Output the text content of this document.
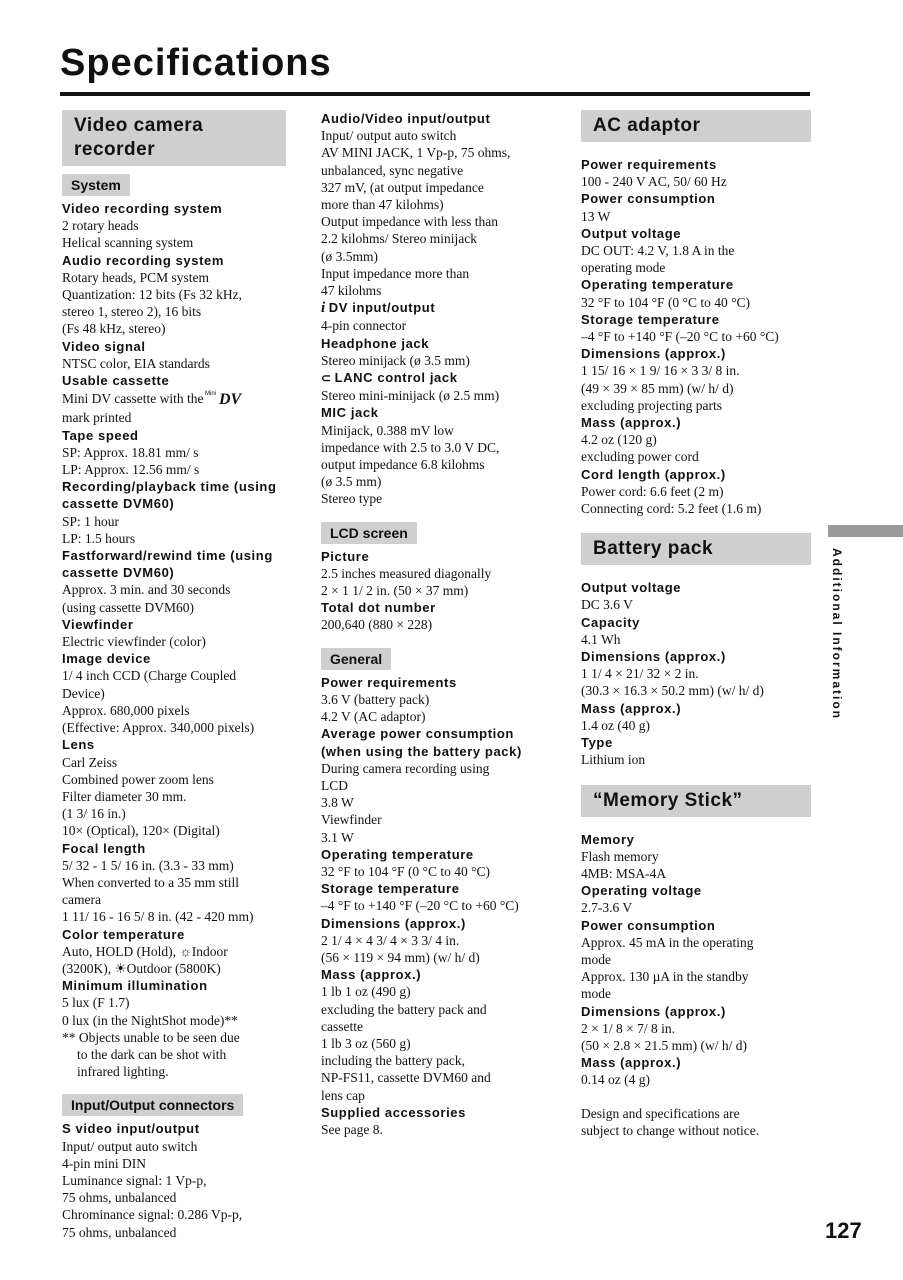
Specifications
Video camera recorder
System
Video recording system
2 rotary heads
Helical scanning system
Audio recording system
Rotary heads, PCM system
Quantization: 12 bits (Fs 32 kHz,
stereo 1, stereo 2), 16 bits
(Fs 48 kHz, stereo)
Video signal
NTSC color, EIA standards
Usable cassette
Mini DV cassette with the Mini DV
mark printed
Tape speed
SP: Approx. 18.81 mm/ s
LP: Approx. 12.56 mm/ s
Recording/playback time (using cassette DVM60)
SP: 1 hour
LP: 1.5 hours
Fastforward/rewind time (using cassette DVM60)
Approx. 3 min. and 30 seconds
(using cassette DVM60)
Viewfinder
Electric viewfinder (color)
Image device
1/ 4 inch CCD (Charge Coupled
Device)
Approx. 680,000 pixels
(Effective: Approx. 340,000 pixels)
Lens
Carl Zeiss
Combined power zoom lens
Filter diameter 30 mm.
(1 3/ 16 in.)
10× (Optical), 120× (Digital)
Focal length
5/ 32 - 1 5/ 16 in. (3.3 - 33 mm)
When converted to a 35 mm still
camera
1 11/ 16 - 16 5/ 8 in. (42 - 420 mm)
Color temperature
Auto, HOLD (Hold), ☼Indoor
(3200K), ☀Outdoor (5800K)
Minimum illumination
5 lux (F 1.7)
0 lux (in the NightShot mode)**
** Objects unable to be seen due
to the dark can be shot with
infrared lighting.
Input/Output connectors
S video input/output
Input/ output auto switch
4-pin mini DIN
Luminance signal: 1 Vp-p,
75 ohms, unbalanced
Chrominance signal: 0.286 Vp-p,
75 ohms, unbalanced
Audio/Video input/output
Input/ output auto switch
AV MINI JACK, 1 Vp-p, 75 ohms,
unbalanced, sync negative
327 mV, (at output impedance
more than 47 kilohms)
Output impedance with less than
2.2 kilohms/ Stereo minijack
(ø 3.5mm)
Input impedance more than
47 kilohms
i DV input/output
4-pin connector
Headphone jack
Stereo minijack (ø 3.5 mm)
⊂ LANC control jack
Stereo mini-minijack (ø 2.5 mm)
MIC jack
Minijack, 0.388 mV low
impedance with 2.5 to 3.0 V DC,
output impedance 6.8 kilohms
(ø 3.5 mm)
Stereo type
LCD screen
Picture
2.5 inches measured diagonally
2 × 1 1/ 2 in. (50 × 37 mm)
Total dot number
200,640 (880 × 228)
General
Power requirements
3.6 V (battery pack)
4.2 V (AC adaptor)
Average power consumption (when using the battery pack)
During camera recording using
LCD
3.8 W
Viewfinder
3.1 W
Operating temperature
32 °F to 104 °F (0 °C to 40 °C)
Storage temperature
–4 °F to +140 °F (–20 °C to +60 °C)
Dimensions (approx.)
2 1/ 4 × 4 3/ 4 × 3 3/ 4 in.
(56 × 119 × 94 mm) (w/ h/ d)
Mass (approx.)
1 lb 1 oz (490 g)
excluding the battery pack and
cassette
1 lb 3 oz (560 g)
including the battery pack,
NP-FS11, cassette DVM60 and
lens cap
Supplied accessories
See page 8.
AC adaptor
Power requirements
100 - 240 V AC, 50/ 60 Hz
Power consumption
13 W
Output voltage
DC OUT: 4.2 V, 1.8 A in the
operating mode
Operating temperature
32 °F to 104 °F (0 °C to 40 °C)
Storage temperature
–4 °F to +140 °F (–20 °C to +60 °C)
Dimensions (approx.)
1 15/ 16 × 1 9/ 16 × 3 3/ 8 in.
(49 × 39 × 85 mm) (w/ h/ d)
excluding projecting parts
Mass (approx.)
4.2 oz (120 g)
excluding power cord
Cord length (approx.)
Power cord: 6.6 feet (2 m)
Connecting cord: 5.2 feet (1.6 m)
Battery pack
Output voltage
DC 3.6 V
Capacity
4.1 Wh
Dimensions (approx.)
1 1/ 4 × 21/ 32 × 2 in.
(30.3 × 16.3 × 50.2 mm) (w/ h/ d)
Mass (approx.)
1.4 oz (40 g)
Type
Lithium ion
“Memory Stick”
Memory
Flash memory
4MB: MSA-4A
Operating voltage
2.7-3.6 V
Power consumption
Approx. 45 mA in the operating
mode
Approx. 130 µA in the standby
mode
Dimensions (approx.)
2 × 1/ 8 × 7/ 8 in.
(50 × 2.8 × 21.5 mm) (w/ h/ d)
Mass (approx.)
0.14 oz (4 g)
Design and specifications are
subject to change without notice.
Additional Information
127
